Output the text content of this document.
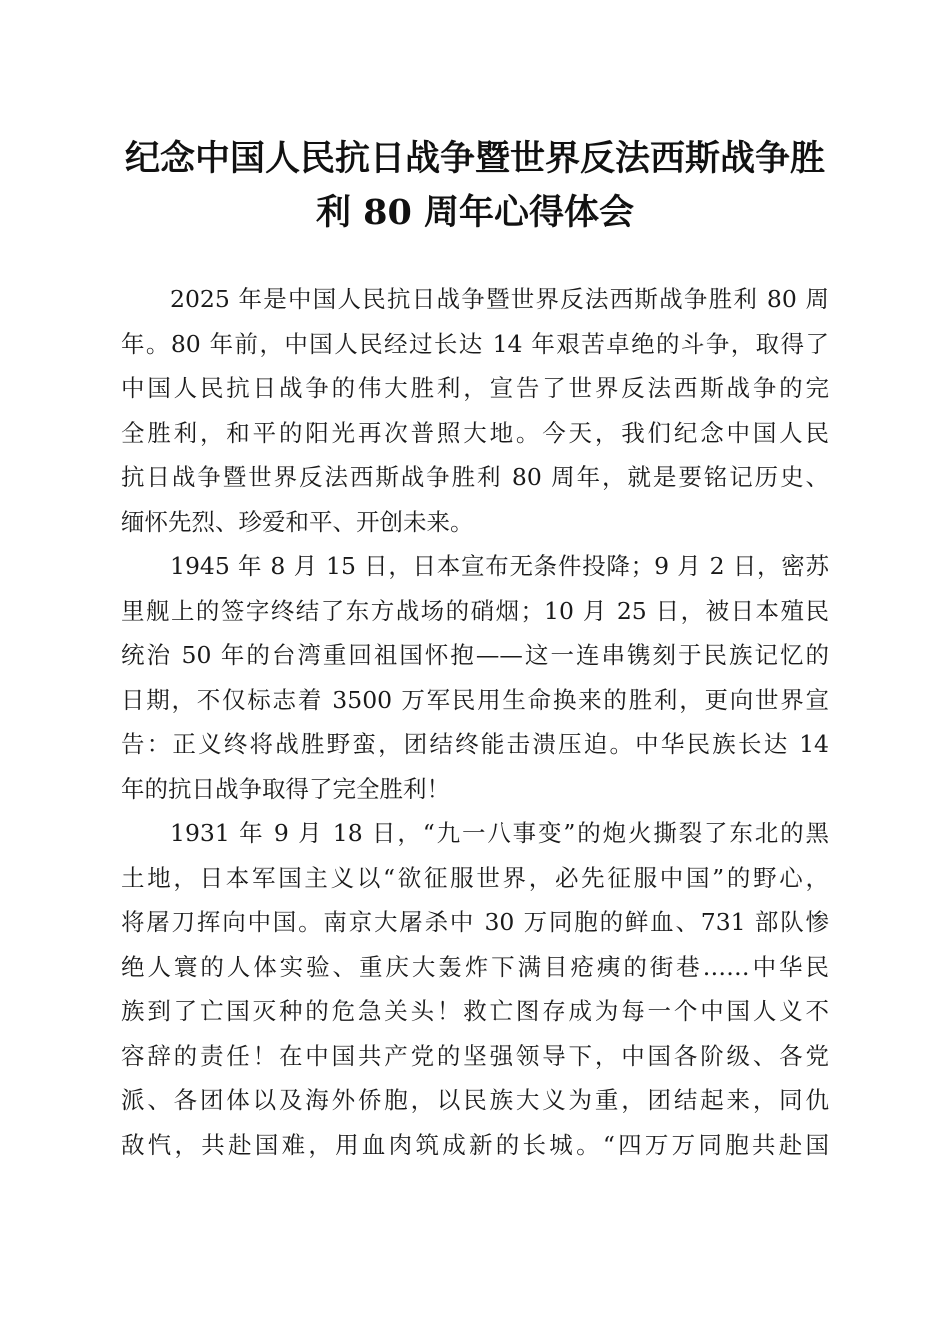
纪念中国人民抗日战争暨世界反法西斯战争胜
利 80 周年心得体会
2025 年是中国人民抗日战争暨世界反法西斯战争胜利 80 周
年。80 年前，中国人民经过长达 14 年艰苦卓绝的斗争，取得了
中国人民抗日战争的伟大胜利，宣告了世界反法西斯战争的完
全胜利，和平的阳光再次普照大地。今天，我们纪念中国人民
抗日战争暨世界反法西斯战争胜利 80 周年，就是要铭记历史、
缅怀先烈、珍爱和平、开创未来。
1945 年 8 月 15 日，日本宣布无条件投降；9 月 2 日，密苏
里舰上的签字终结了东方战场的硝烟；10 月 25 日，被日本殖民
统治 50 年的台湾重回祖国怀抱——这一连串镌刻于民族记忆的
日期，不仅标志着 3500 万军民用生命换来的胜利，更向世界宣
告：正义终将战胜野蛮，团结终能击溃压迫。中华民族长达 14
年的抗日战争取得了完全胜利！
1931 年 9 月 18 日，“九一八事变”的炮火撕裂了东北的黑
土地，日本军国主义以“欲征服世界，必先征服中国”的野心，
将屠刀挥向中国。南京大屠杀中 30 万同胞的鲜血、731 部队惨
绝人寰的人体实验、重庆大轰炸下满目疮痍的街巷……中华民
族到了亡国灭种的危急关头！救亡图存成为每一个中国人义不
容辞的责任！在中国共产党的坚强领导下，中国各阶级、各党
派、各团体以及海外侨胞，以民族大义为重，团结起来，同仇
敌忾，共赴国难，用血肉筑成新的长城。“四万万同胞共赴国
